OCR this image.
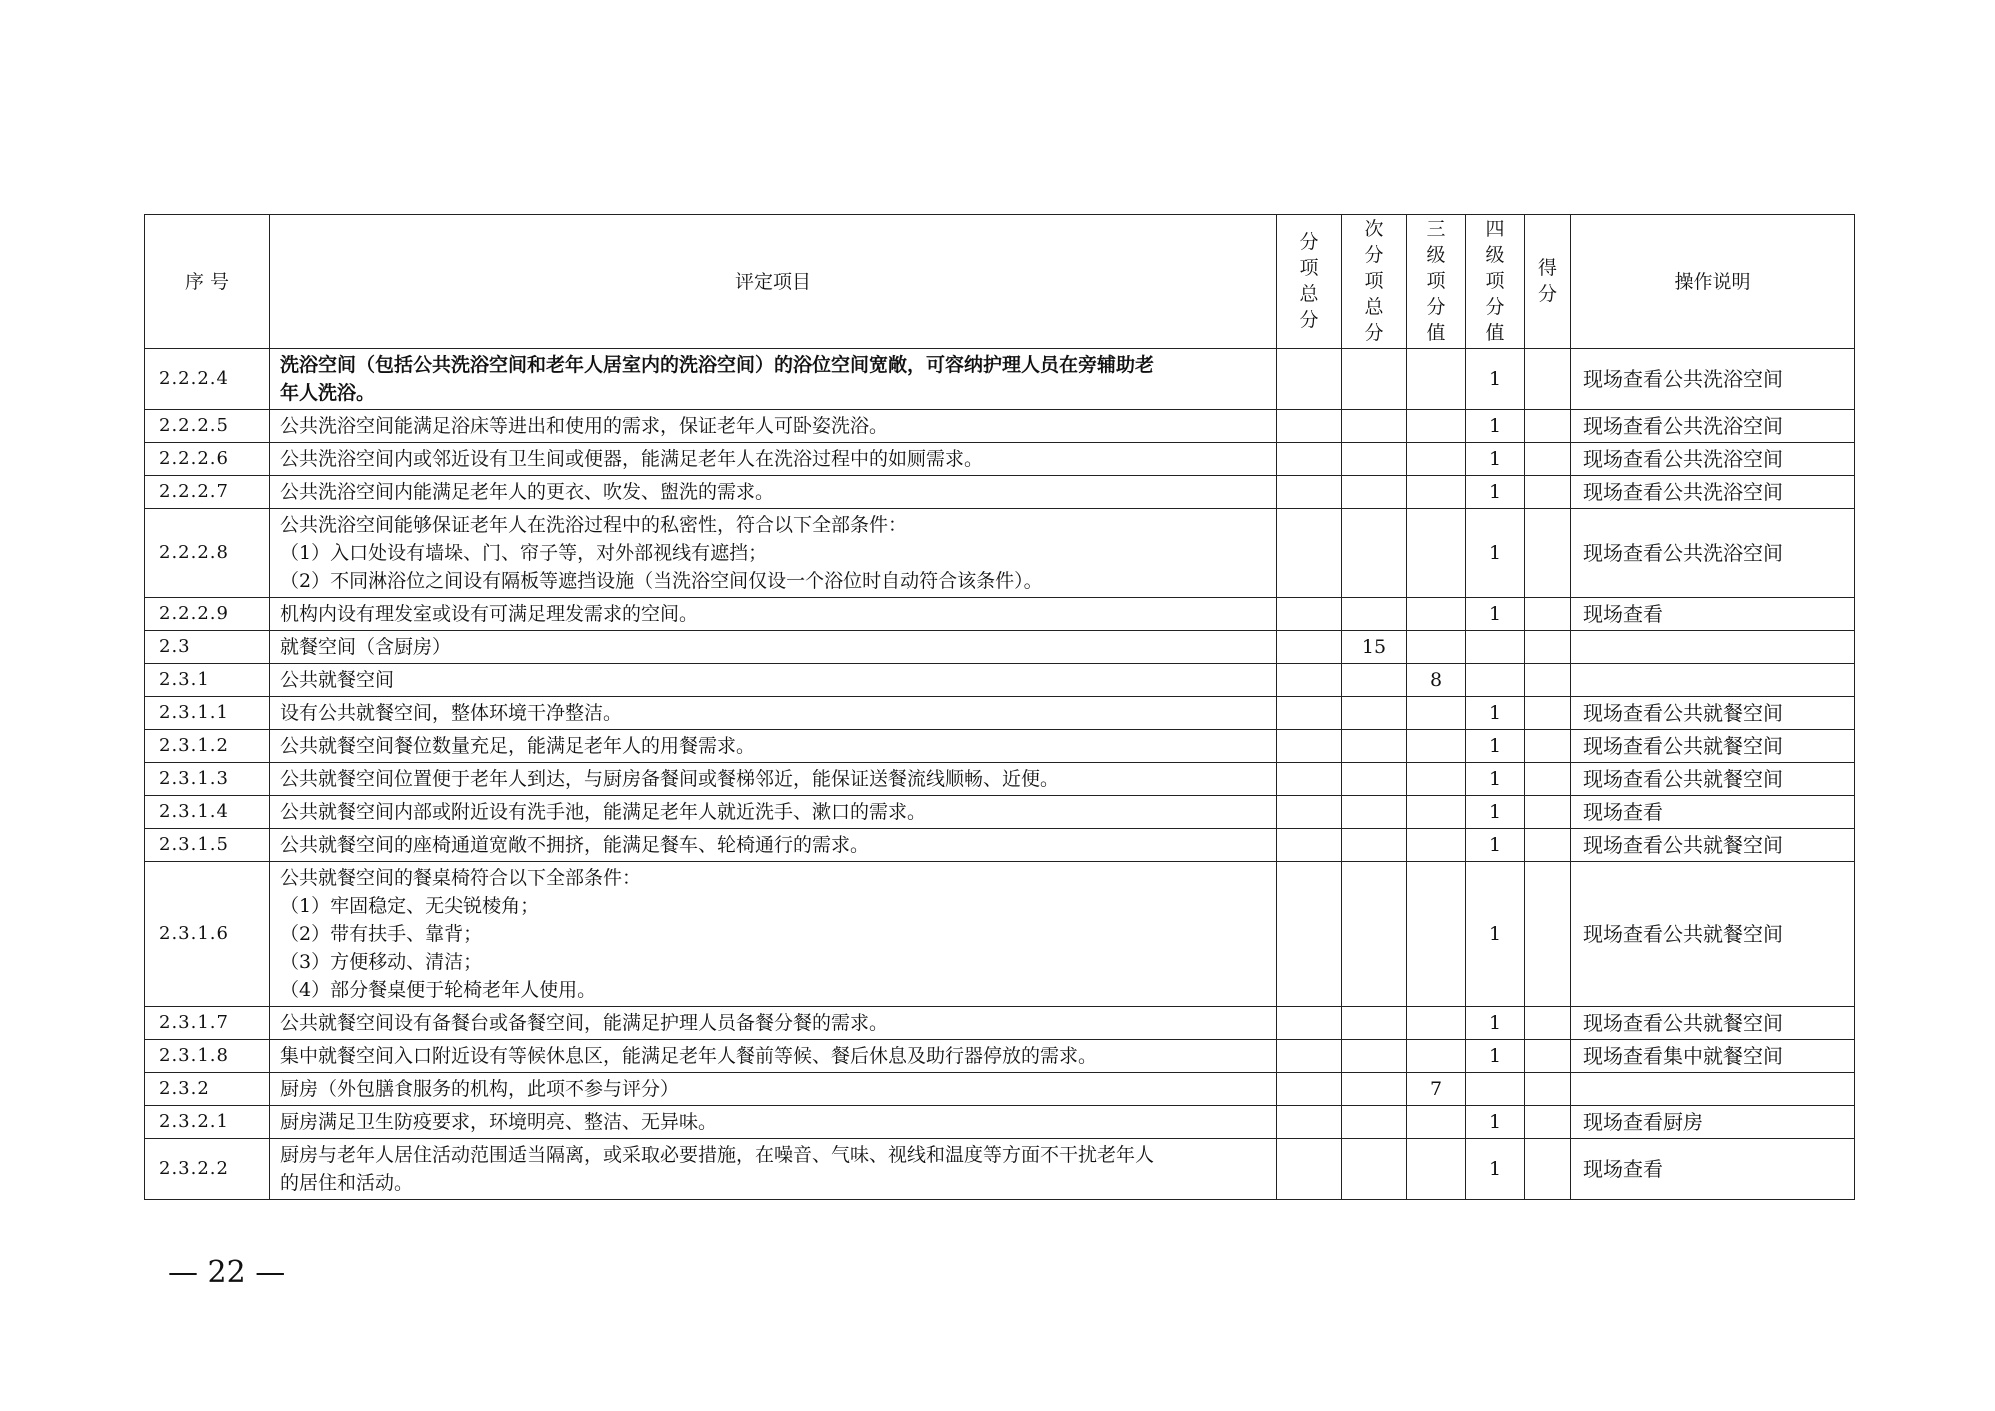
序 号	评定项目	分项总分	次分项总分	三级项分值	四级项分值	得分	操作说明
2.2.2.4	洗浴空间（包括公共洗浴空间和老年人居室内的洗浴空间）的浴位空间宽敞，可容纳护理人员在旁辅助老
年人洗浴。				1		现场查看公共洗浴空间
2.2.2.5	公共洗浴空间能满足浴床等进出和使用的需求，保证老年人可卧姿洗浴。				1		现场查看公共洗浴空间
2.2.2.6	公共洗浴空间内或邻近设有卫生间或便器，能满足老年人在洗浴过程中的如厕需求。				1		现场查看公共洗浴空间
2.2.2.7	公共洗浴空间内能满足老年人的更衣、吹发、盥洗的需求。				1		现场查看公共洗浴空间
2.2.2.8	公共洗浴空间能够保证老年人在洗浴过程中的私密性，符合以下全部条件：
（1）入口处设有墙垛、门、帘子等，对外部视线有遮挡；
（2）不同淋浴位之间设有隔板等遮挡设施（当洗浴空间仅设一个浴位时自动符合该条件）。				1		现场查看公共洗浴空间
2.2.2.9	机构内设有理发室或设有可满足理发需求的空间。				1		现场查看
2.3	就餐空间（含厨房）		15				
2.3.1	公共就餐空间			8			
2.3.1.1	设有公共就餐空间，整体环境干净整洁。				1		现场查看公共就餐空间
2.3.1.2	公共就餐空间餐位数量充足，能满足老年人的用餐需求。				1		现场查看公共就餐空间
2.3.1.3	公共就餐空间位置便于老年人到达，与厨房备餐间或餐梯邻近，能保证送餐流线顺畅、近便。				1		现场查看公共就餐空间
2.3.1.4	公共就餐空间内部或附近设有洗手池，能满足老年人就近洗手、漱口的需求。				1		现场查看
2.3.1.5	公共就餐空间的座椅通道宽敞不拥挤，能满足餐车、轮椅通行的需求。				1		现场查看公共就餐空间
2.3.1.6	公共就餐空间的餐桌椅符合以下全部条件：
（1）牢固稳定、无尖锐棱角；
（2）带有扶手、靠背；
（3）方便移动、清洁；
（4）部分餐桌便于轮椅老年人使用。				1		现场查看公共就餐空间
2.3.1.7	公共就餐空间设有备餐台或备餐空间，能满足护理人员备餐分餐的需求。				1		现场查看公共就餐空间
2.3.1.8	集中就餐空间入口附近设有等候休息区，能满足老年人餐前等候、餐后休息及助行器停放的需求。				1		现场查看集中就餐空间
2.3.2	厨房（外包膳食服务的机构，此项不参与评分）			7			
2.3.2.1	厨房满足卫生防疫要求，环境明亮、整洁、无异味。				1		现场查看厨房
2.3.2.2	厨房与老年人居住活动范围适当隔离，或采取必要措施，在噪音、气味、视线和温度等方面不干扰老年人
的居住和活动。				1		现场查看
— 22 —
